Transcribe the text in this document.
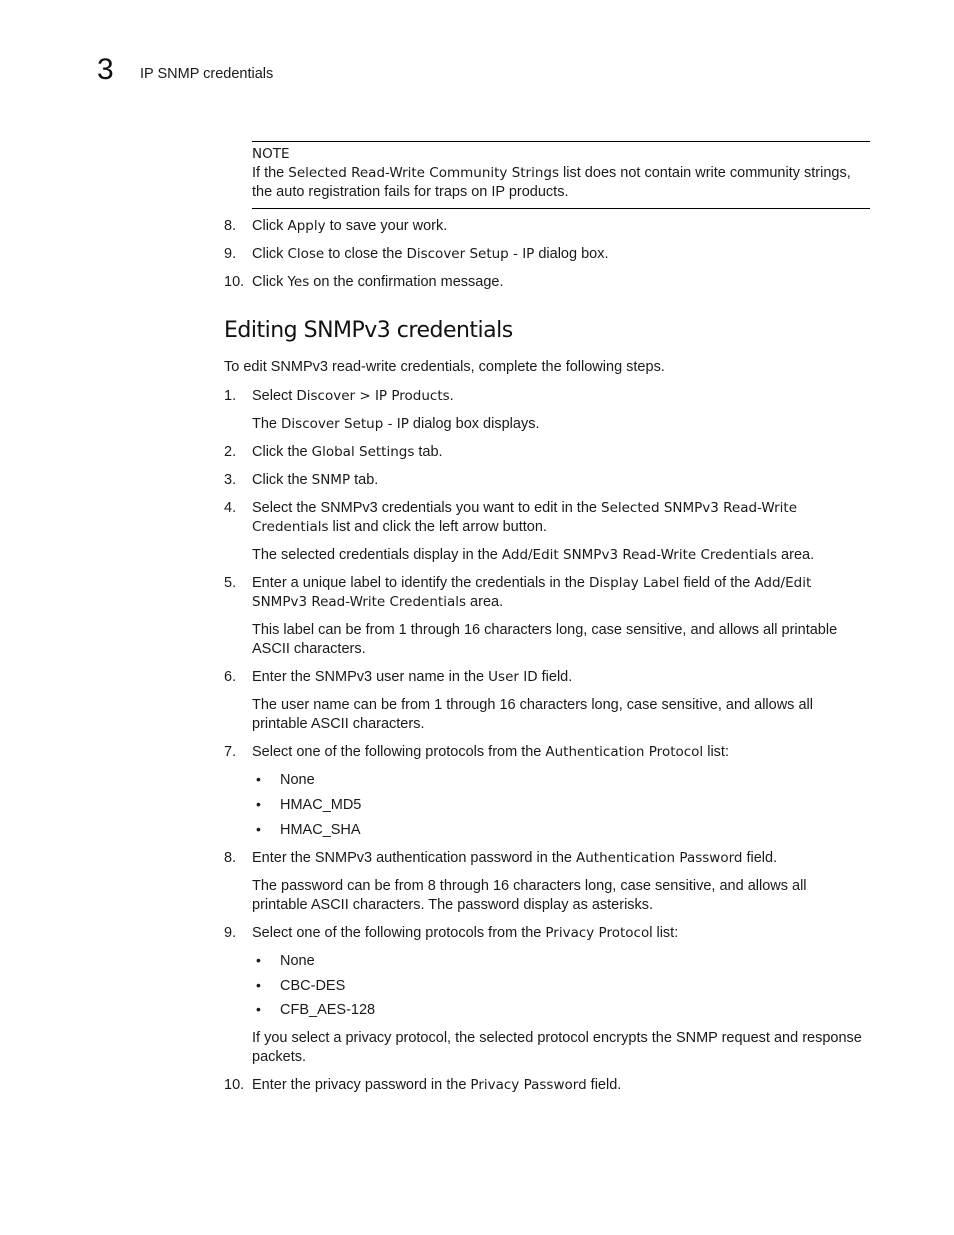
3 IP SNMP credentials
NOTE
If the Selected Read-Write Community Strings list does not contain write community strings, the auto registration fails for traps on IP products.
8.	Click Apply to save your work.
9.	Click Close to close the Discover Setup - IP dialog box.
10. Click Yes on the confirmation message.
Editing SNMPv3 credentials
To edit SNMPv3 read-write credentials, complete the following steps.
1.	Select Discover > IP Products.
The Discover Setup - IP dialog box displays.
2.	Click the Global Settings tab.
3.	Click the SNMP tab.
4.	Select the SNMPv3 credentials you want to edit in the Selected SNMPv3 Read-Write Credentials list and click the left arrow button.
The selected credentials display in the Add/Edit SNMPv3 Read-Write Credentials area.
5.	Enter a unique label to identify the credentials in the Display Label field of the Add/Edit SNMPv3 Read-Write Credentials area.
This label can be from 1 through 16 characters long, case sensitive, and allows all printable ASCII characters.
6.	Enter the SNMPv3 user name in the User ID field.
The user name can be from 1 through 16 characters long, case sensitive, and allows all printable ASCII characters.
7.	Select one of the following protocols from the Authentication Protocol list:
• None
• HMAC_MD5
• HMAC_SHA
8.	Enter the SNMPv3 authentication password in the Authentication Password field.
The password can be from 8 through 16 characters long, case sensitive, and allows all printable ASCII characters. The password display as asterisks.
9.	Select one of the following protocols from the Privacy Protocol list:
• None
• CBC-DES
• CFB_AES-128
If you select a privacy protocol, the selected protocol encrypts the SNMP request and response packets.
10. Enter the privacy password in the Privacy Password field.
